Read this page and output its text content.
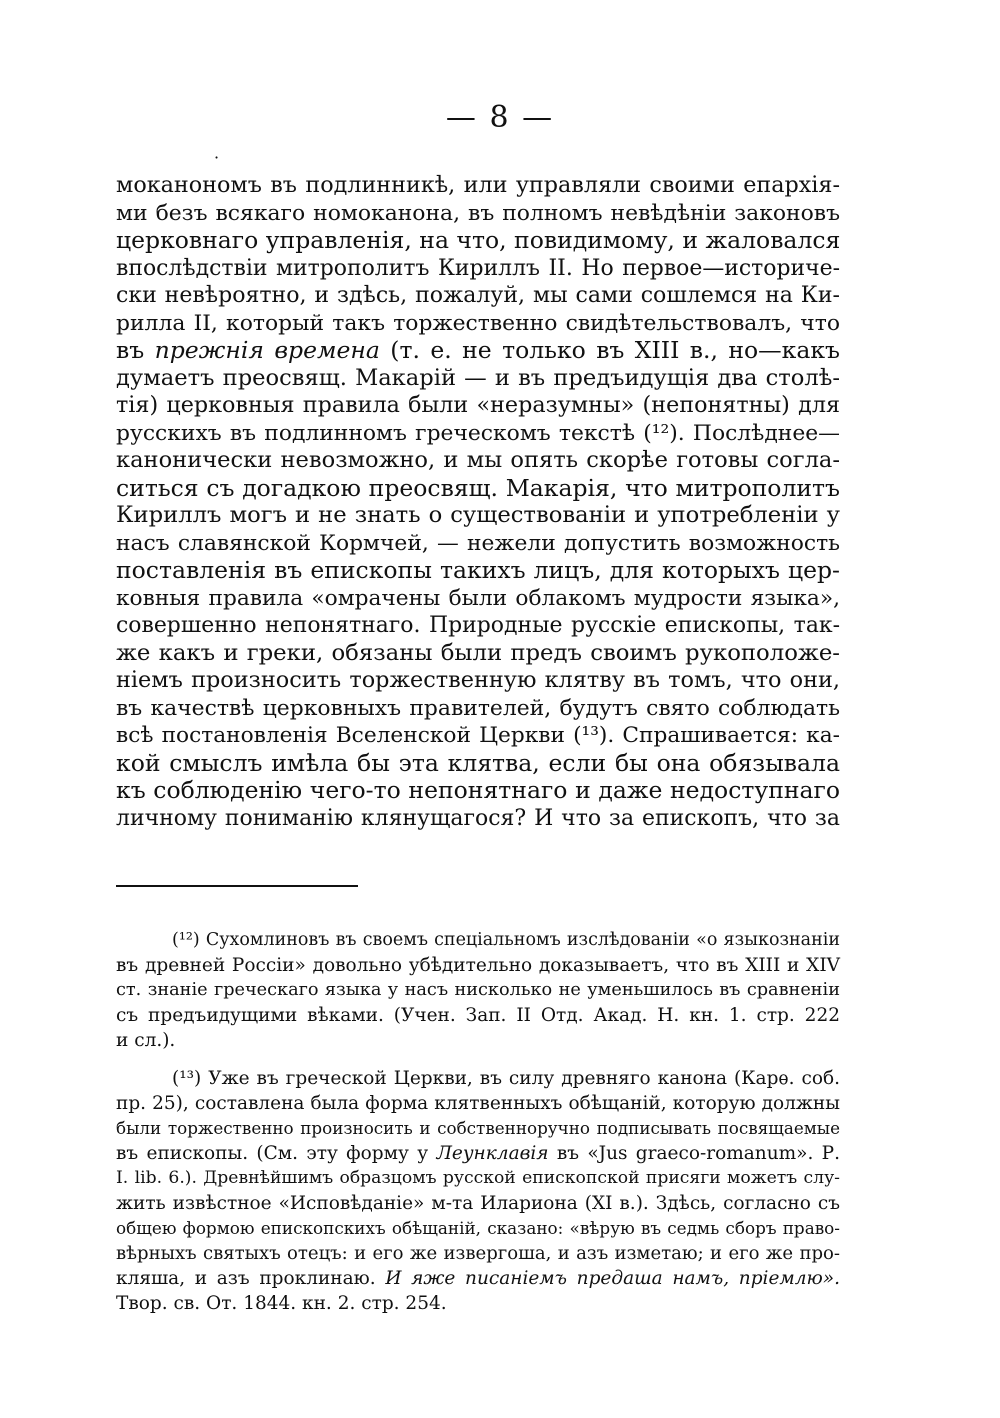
— 8 —
·
моканономъ въ подлинникѣ, или управляли своими епархія-
ми безъ всякаго номоканона, въ полномъ невѣдѣніи законовъ
церковнаго управленія, на что, повидимому, и жаловался
впослѣдствіи митрополитъ Кириллъ II. Но первое—историче-
ски невѣроятно, и здѣсь, пожалуй, мы сами сошлемся на Ки-
рилла II, который такъ торжественно свидѣтельствовалъ, что
въ прежнія времена (т. е. не только въ XIII в., но—какъ
думаетъ преосвящ. Макарій — и въ предъидущія два столѣ-
тія) церковныя правила были «неразумны» (непонятны) для
русскихъ въ подлинномъ греческомъ текстѣ (¹²). Послѣднее—
канонически невозможно, и мы опять скорѣе готовы согла-
ситься съ догадкою преосвящ. Макарія, что митрополитъ
Кириллъ могъ и не знать о существованіи и употребленіи у
насъ славянской Кормчей, — нежели допустить возможность
поставленія въ епископы такихъ лицъ, для которыхъ цер-
ковныя правила «омрачены были облакомъ мудрости языка»,
совершенно непонятнаго. Природные русскіе епископы, так-
же какъ и греки, обязаны были предъ своимъ рукоположе-
ніемъ произносить торжественную клятву въ томъ, что они,
въ качествѣ церковныхъ правителей, будутъ свято соблюдать
всѣ постановленія Вселенской Церкви (¹³). Спрашивается: ка-
кой смыслъ имѣла бы эта клятва, если бы она обязывала
къ соблюденію чего-то непонятнаго и даже недоступнаго
личному пониманію клянущагося? И что за епископъ, что за
(¹²) Сухомлиновъ въ своемъ спеціальномъ изслѣдованіи «о языкознаніи
въ древней Россіи» довольно убѣдительно доказываетъ, что въ XIII и XIV
ст. знаніе греческаго языка у насъ нисколько не уменьшилось въ сравненіи
съ предъидущими вѣками. (Учен. Зап. II Отд. Акад. Н. кн. 1. стр. 222
и сл.).
(¹³) Уже въ греческой Церкви, въ силу древняго канона (Карѳ. соб.
пр. 25), составлена была форма клятвенныхъ обѣщаній, которую должны
были торжественно произносить и собственноручно подписывать посвящаемые
въ епископы. (См. эту форму у Леунклавія въ «Jus graeco-romanum». Р.
I. lib. 6.). Древнѣйшимъ образцомъ русской епископской присяги можетъ слу-
жить извѣстное «Исповѣданіе» м-та Илариона (XI в.). Здѣсь, согласно съ
общею формою епископскихъ обѣщаній, сказано: «вѣрую въ седмь сборъ право-
вѣрныхъ святыхъ отецъ: и его же извергоша, и азъ изметаю; и его же про-
кляша, и азъ проклинаю. И яже писаніемъ предаша намъ, пріемлю».
Твор. св. От. 1844. кн. 2. стр. 254.
